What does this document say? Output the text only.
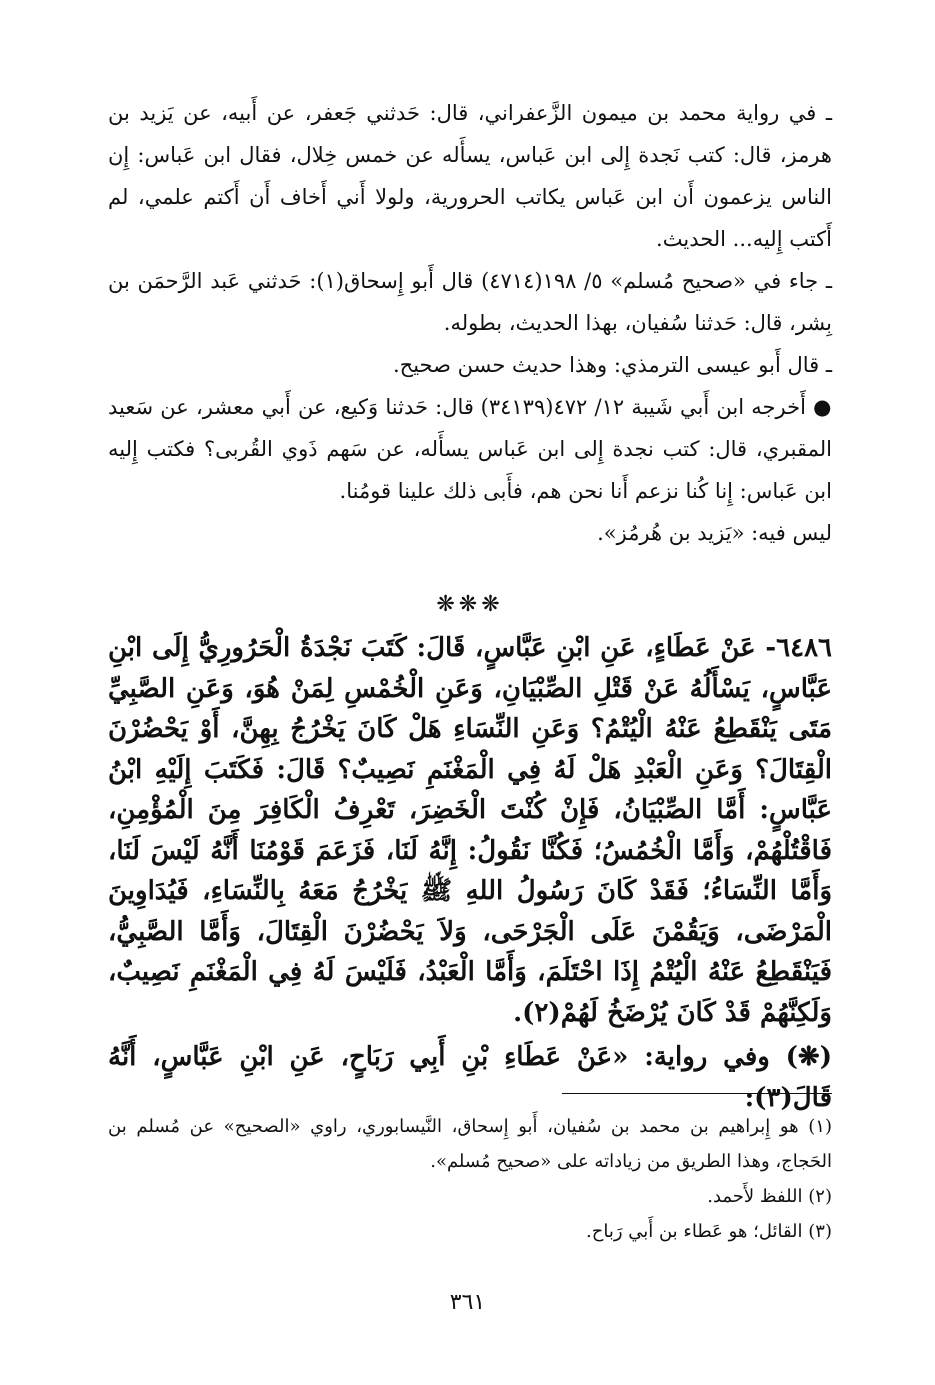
ـ في رواية محمد بن ميمون الزَّعفراني، قال: حَدثني جَعفر، عن أَبيه، عن يَزيد بن هرمز، قال: كتب نَجدة إِلى ابن عَباس، يسأَله عن خمس خِلال، فقال ابن عَباس: إِن الناس يزعمون أَن ابن عَباس يكاتب الحرورية، ولولا أَني أَخاف أَن أَكتم علمي، لم أَكتب إِليه... الحديث.

ـ جاء في «صحيح مُسلم» ٥/ ١٩٨(٤٧١٤) قال أَبو إِسحاق(١): حَدثني عَبد الرَّحمَن بن بِشر، قال: حَدثنا سُفيان، بهذا الحديث، بطوله.

ـ قال أَبو عيسى الترمذي: وهذا حديث حسن صحيح.

● أَخرجه ابن أَبي شَيبة ١٢/ ٤٧٢(٣٤١٣٩) قال: حَدثنا وَكيع، عن أَبي معشر، عن سَعيد المقبري، قال: كتب نجدة إِلى ابن عَباس يسأَله، عن سَهم ذَوي القُربى؟ فكتب إِليه ابن عَباس: إِنا كُنا نزعم أَنا نحن هم، فأَبى ذلك علينا قومُنا.

ليس فيه: «يَزيد بن هُرمُز».

❋❋❋

٦٤٨٦- عَنْ عَطَاءٍ، عَنِ ابْنِ عَبَّاسٍ، قَالَ: كَتَبَ نَجْدَةُ الْحَرُورِيُّ إِلَى ابْنِ عَبَّاسٍ، يَسْأَلُهُ عَنْ قَتْلِ الصِّبْيَانِ، وَعَنِ الْخُمْسِ لِمَنْ هُوَ، وَعَنِ الصَّبِيِّ مَتَى يَنْقَطِعُ عَنْهُ الْيُتْمُ؟ وَعَنِ النِّسَاءِ هَلْ كَانَ يَخْرُجُ بِهِنَّ، أَوْ يَحْضُرْنَ الْقِتَالَ؟ وَعَنِ الْعَبْدِ هَلْ لَهُ فِي الْمَغْنَمِ نَصِيبٌ؟ قَالَ: فَكَتَبَ إِلَيْهِ ابْنُ عَبَّاسٍ: أَمَّا الصِّبْيَانُ، فَإِنْ كُنْتَ الْخَضِرَ، تَعْرِفُ الْكَافِرَ مِنَ الْمُؤْمِنِ، فَاقْتُلْهُمْ، وَأَمَّا الْخُمُسُ؛ فَكُنَّا نَقُولُ: إِنَّهُ لَنَا، فَزَعَمَ قَوْمُنَا أَنَّهُ لَيْسَ لَنَا، وَأَمَّا النِّسَاءُ؛ فَقَدْ كَانَ رَسُولُ اللهِ ﷺ يَخْرُجُ مَعَهُ بِالنِّسَاءِ، فَيُدَاوِينَ الْمَرْضَى، وَيَقُمْنَ عَلَى الْجَرْحَى، وَلاَ يَحْضُرْنَ الْقِتَالَ، وَأَمَّا الصَّبِيُّ، فَيَنْقَطِعُ عَنْهُ الْيُتْمُ إِذَا احْتَلَمَ، وَأَمَّا الْعَبْدُ، فَلَيْسَ لَهُ فِي الْمَغْنَمِ نَصِيبٌ، وَلَكِنَّهُمْ قَدْ كَانَ يُرْضَخُ لَهُمْ(٢).

(❋) وفي رواية: «عَنْ عَطَاءِ بْنِ أَبِي رَبَاحٍ، عَنِ ابْنِ عَبَّاسٍ، أَنَّهُ قَالَ(٣):

(١) هو إِبراهيم بن محمد بن سُفيان، أَبو إِسحاق، النَّيسابوري، راوي «الصحيح» عن مُسلم بن الحَجاج، وهذا الطريق من زياداته على «صحيح مُسلم».

(٢) اللفظ لأَحمد.

(٣) القائل؛ هو عَطاء بن أَبي رَباح.

٣٦١
